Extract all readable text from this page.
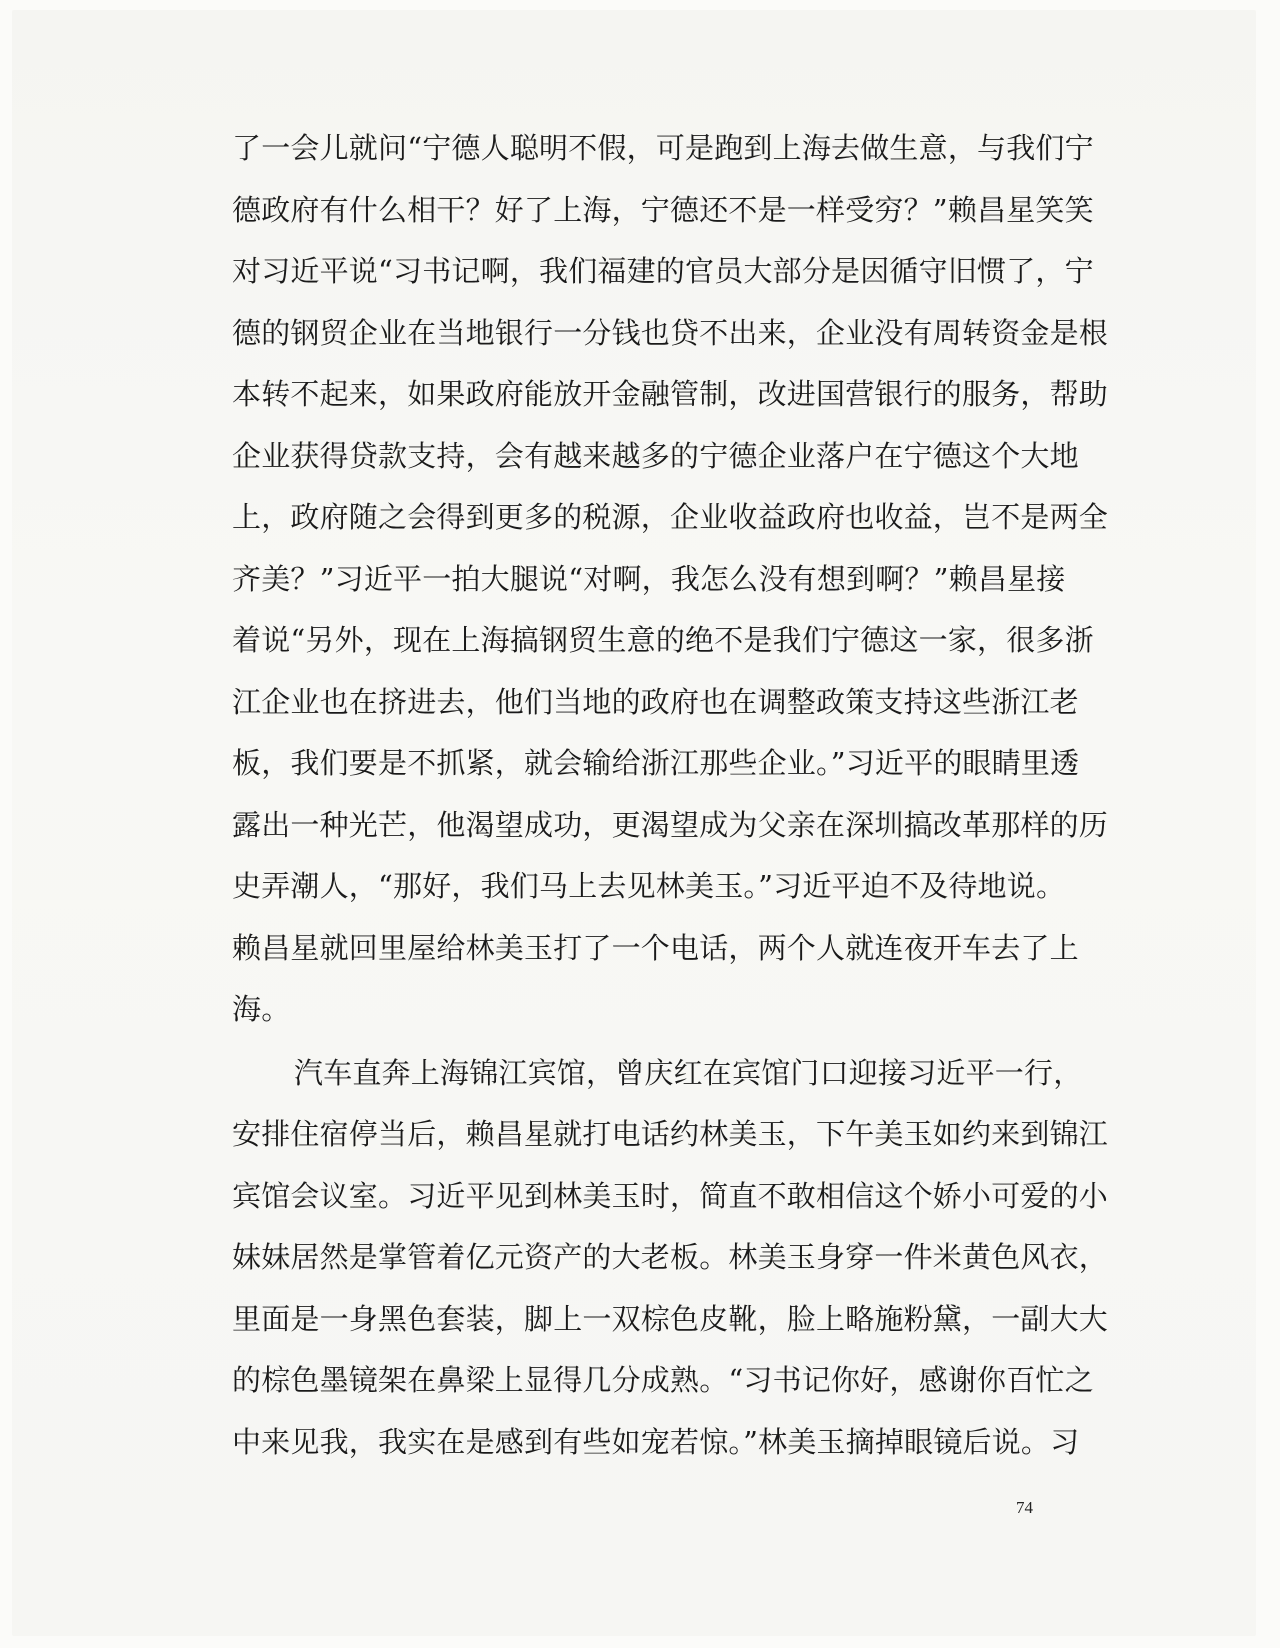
了一会儿就问“宁德人聪明不假，可是跑到上海去做生意，与我们宁
德政府有什么相干？好了上海，宁德还不是一样受穷？”赖昌星笑笑
对习近平说“习书记啊，我们福建的官员大部分是因循守旧惯了，宁
德的钢贸企业在当地银行一分钱也贷不出来，企业没有周转资金是根
本转不起来，如果政府能放开金融管制，改进国营银行的服务，帮助
企业获得贷款支持，会有越来越多的宁德企业落户在宁德这个大地
上，政府随之会得到更多的税源，企业收益政府也收益，岂不是两全
齐美？”习近平一拍大腿说“对啊，我怎么没有想到啊？”赖昌星接
着说“另外，现在上海搞钢贸生意的绝不是我们宁德这一家，很多浙
江企业也在挤进去，他们当地的政府也在调整政策支持这些浙江老
板，我们要是不抓紧，就会输给浙江那些企业。”习近平的眼睛里透
露出一种光芒，他渴望成功，更渴望成为父亲在深圳搞改革那样的历
史弄潮人，“那好，我们马上去见林美玉。”习近平迫不及待地说。
赖昌星就回里屋给林美玉打了一个电话，两个人就连夜开车去了上
海。
汽车直奔上海锦江宾馆，曾庆红在宾馆门口迎接习近平一行，
安排住宿停当后，赖昌星就打电话约林美玉，下午美玉如约来到锦江
宾馆会议室。习近平见到林美玉时，简直不敢相信这个娇小可爱的小
妹妹居然是掌管着亿元资产的大老板。林美玉身穿一件米黄色风衣，
里面是一身黑色套装，脚上一双棕色皮靴，脸上略施粉黛，一副大大
的棕色墨镜架在鼻梁上显得几分成熟。“习书记你好，感谢你百忙之
中来见我，我实在是感到有些如宠若惊。”林美玉摘掉眼镜后说。习
74
